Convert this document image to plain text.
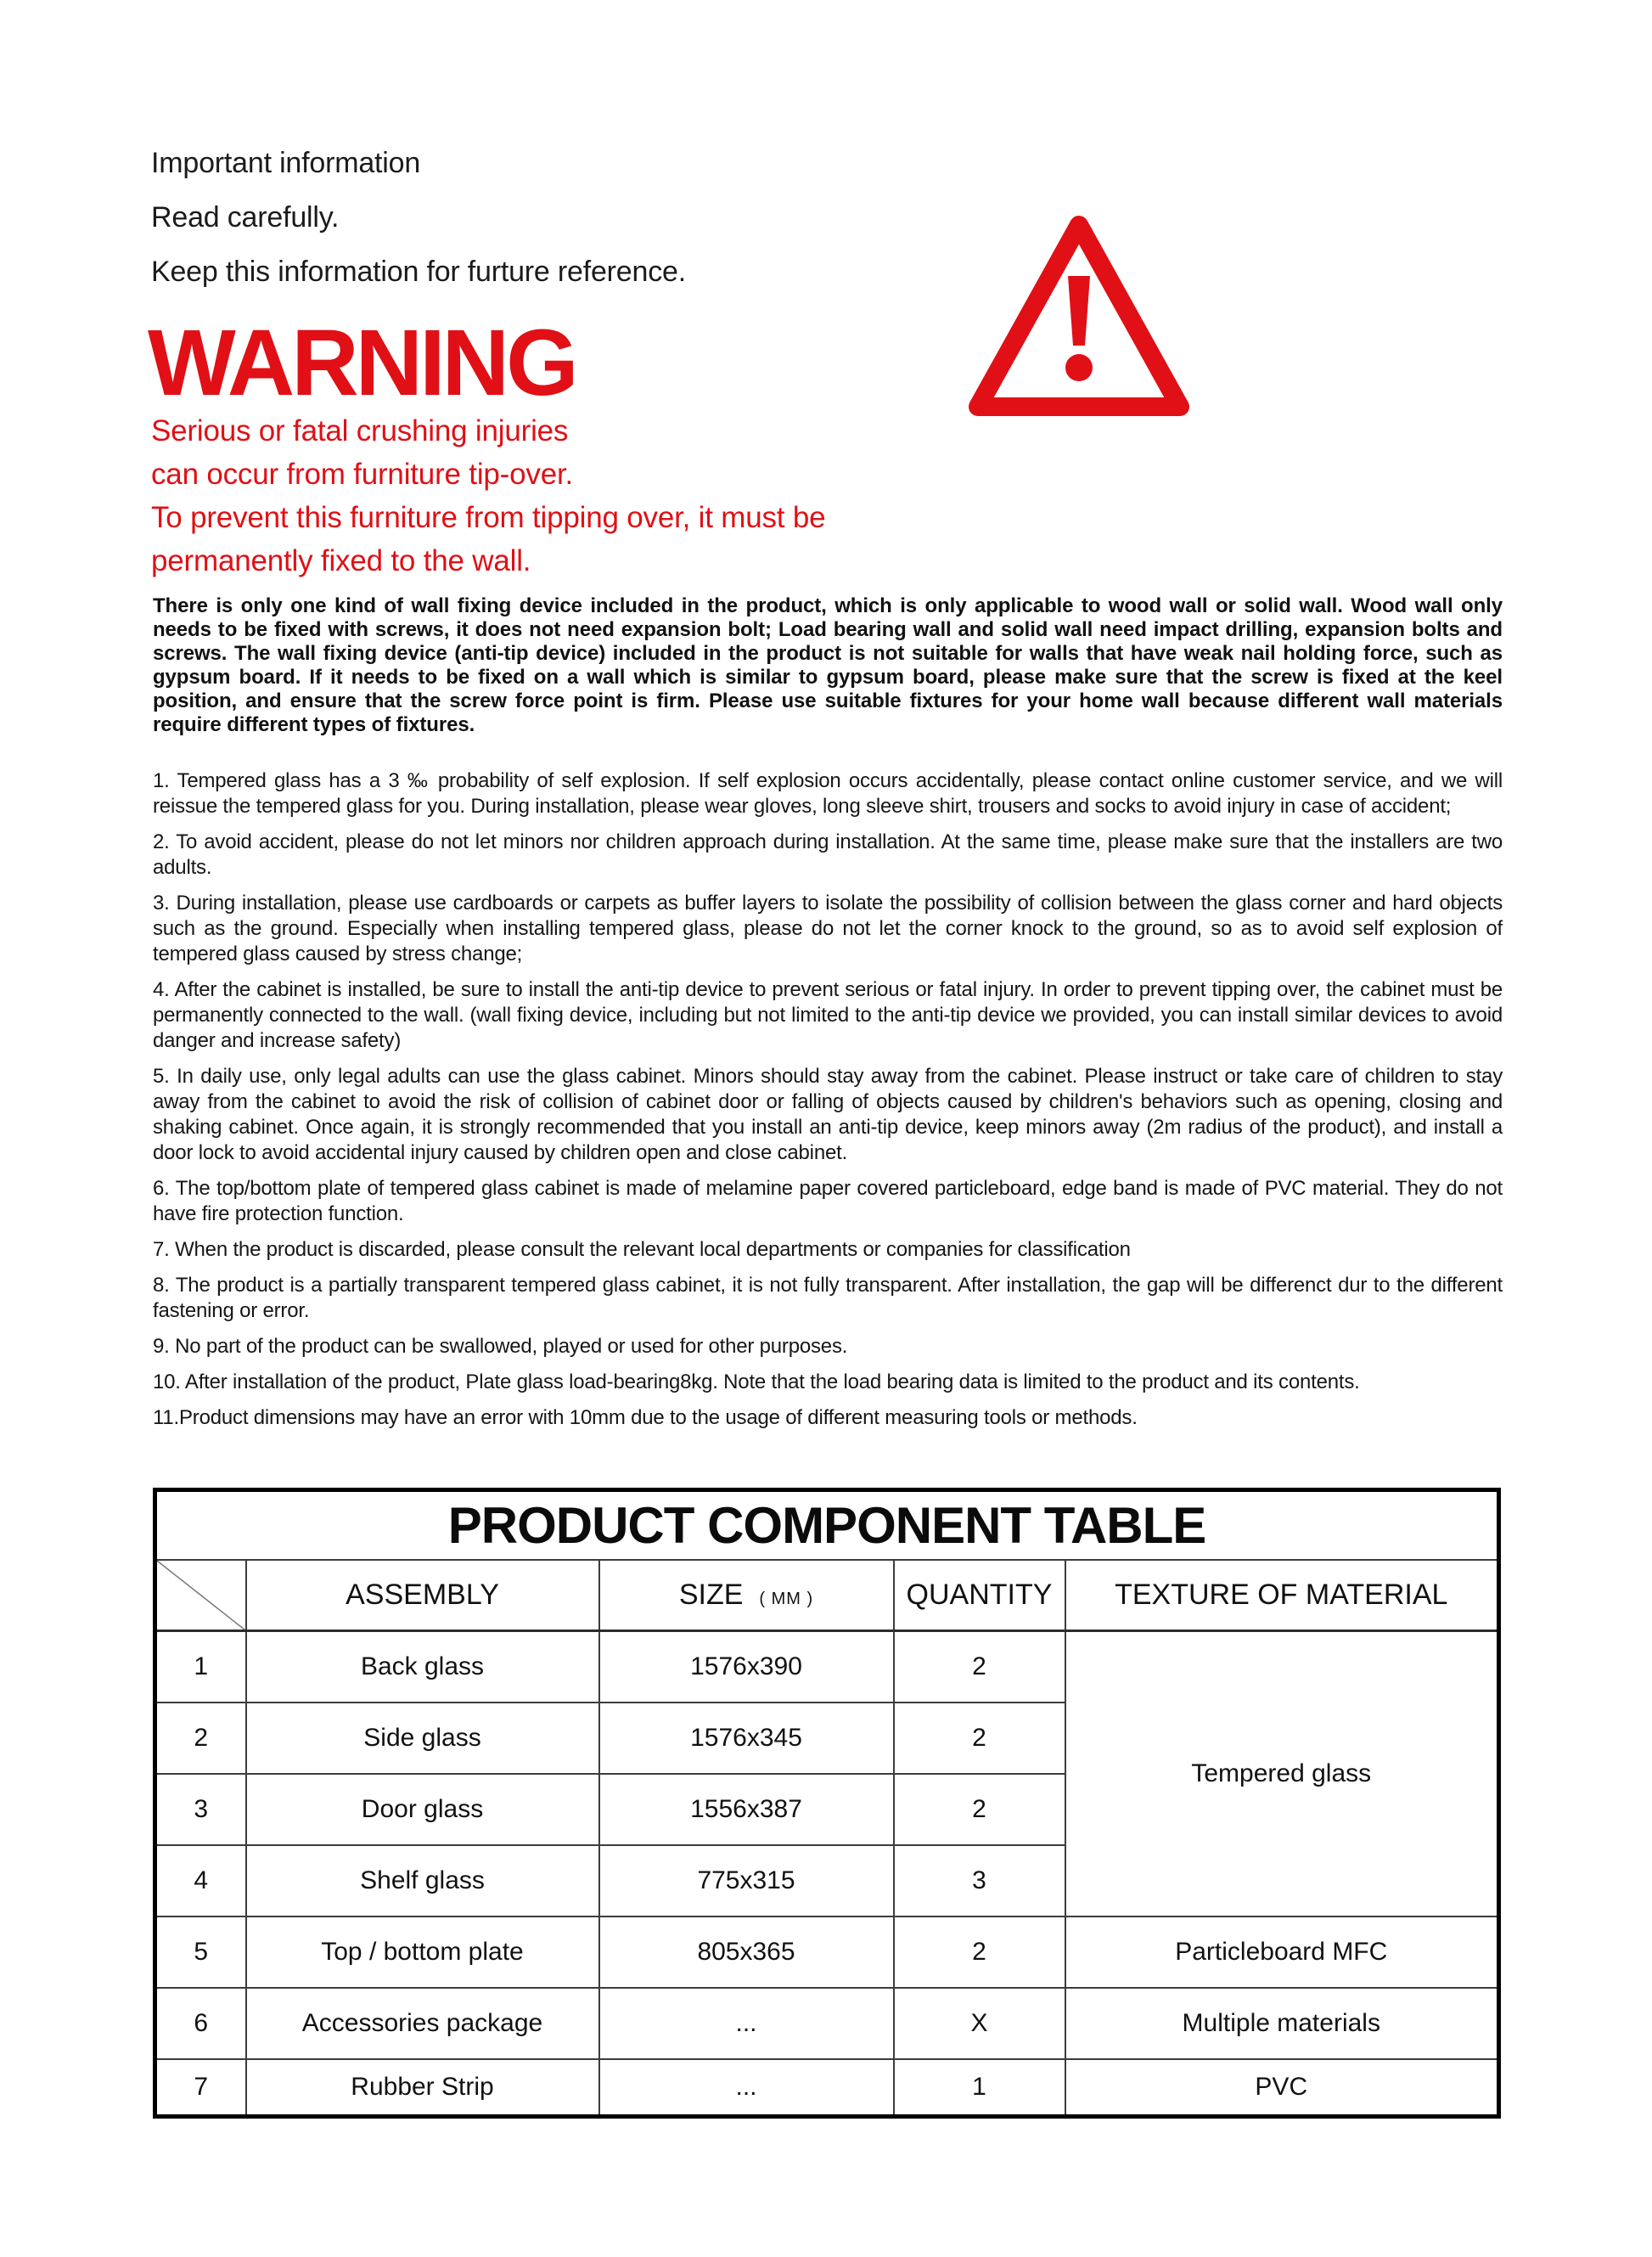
Important information
Read carefully.
Keep this information for furture reference.
WARNING
Serious or fatal crushing injuries
can occur from furniture tip-over.
To prevent this furniture from tipping over, it must be
permanently fixed to the wall.
There is only one kind of wall fixing device included in the product, which is only applicable to wood wall or solid wall. Wood wall only needs to be fixed with screws, it does not need expansion bolt; Load bearing wall and solid wall need impact drilling, expansion bolts and screws. The wall fixing device (anti-tip device) included in the product is not suitable for walls that have weak nail holding force, such as gypsum board. If it needs to be fixed on a wall which is similar to gypsum board, please make sure that the screw is fixed at the keel position, and ensure that the screw force point is firm. Please use suitable fixtures for your home wall because different wall materials require different types of fixtures.

1. Tempered glass has a 3 ‰ probability of self explosion. If self explosion occurs accidentally, please contact online customer service, and we will reissue the tempered glass for you. During installation, please wear gloves, long sleeve shirt, trousers and socks to avoid injury in case of accident;

2. To avoid accident, please do not let minors nor children approach during installation. At the same time, please make sure that the installers are two adults.

3. During installation, please use cardboards or carpets as buffer layers to isolate the possibility of collision between the glass corner and hard objects such as the ground. Especially when installing tempered glass, please do not let the corner knock to the ground, so as to avoid self explosion of tempered glass caused by stress change;

4. After the cabinet is installed, be sure to install the anti-tip device to prevent serious or fatal injury. In order to prevent tipping over, the cabinet must be permanently connected to the wall. (wall fixing device, including but not limited to the anti-tip device we provided, you can install similar devices to avoid danger and increase safety)

5. In daily use, only legal adults can use the glass cabinet. Minors should stay away from the cabinet. Please instruct or take care of children to stay away from the cabinet to avoid the risk of collision of cabinet door or falling of objects caused by children's behaviors such as opening, closing and shaking cabinet. Once again, it is strongly recommended that you install an anti-tip device, keep minors away (2m radius of the product), and install a door lock to avoid accidental injury caused by children open and close cabinet.

6. The top/bottom plate of tempered glass cabinet is made of melamine paper covered particleboard, edge band is made of PVC material. They do not have fire protection function.

7. When the product is discarded, please consult the relevant local departments or companies for classification

8. The product is a partially transparent tempered glass cabinet, it is not fully transparent. After installation, the gap will be differenct dur to the different fastening or error.

9. No part of the product can be swallowed, played or used for other purposes.

10. After installation of the product, Plate glass load-bearing8kg. Note that the load bearing data is limited to the product and its contents.

11.Product dimensions may have an error with 10mm due to the usage of different measuring tools or methods.

PRODUCT COMPONENT TABLE				

	ASSEMBLY	SIZE ( MM )	QUANTITY	TEXTURE OF MATERIAL
1	Back glass	1576x390	2	Tempered glass
2	Side glass	1576x345	2	
3	Door glass	1556x387	2	
4	Shelf glass	775x315	3	
5	Top / bottom plate	805x365	2	Particleboard MFC
6	Accessories package	...	X	Multiple materials
7	Rubber Strip	...	1	PVC
